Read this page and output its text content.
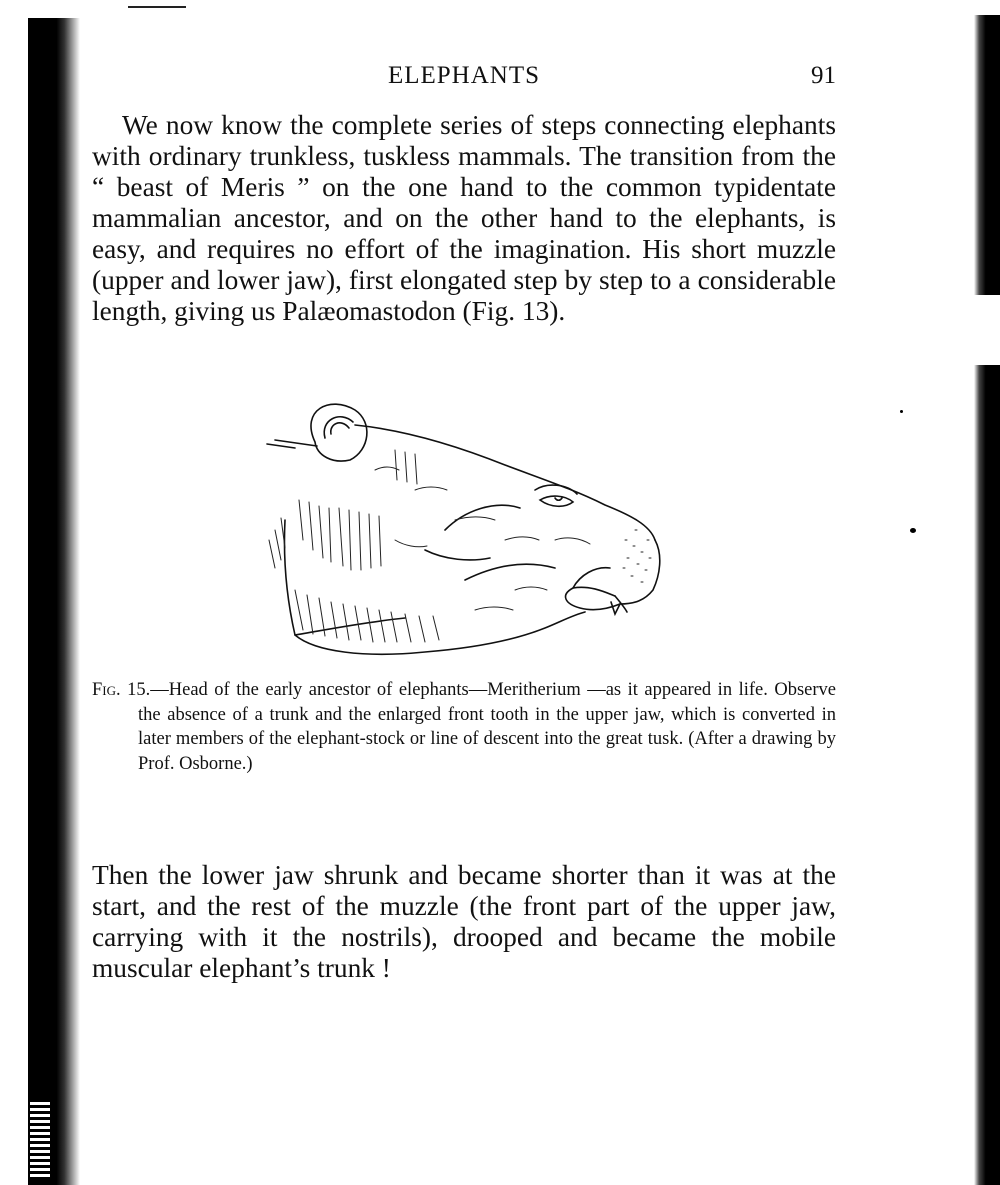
ELEPHANTS	91

We now know the complete series of steps connecting elephants with ordinary trunkless, tuskless mammals. The transition from the “ beast of Meris ” on the one hand to the common typidentate mammalian ancestor, and on the other hand to the elephants, is easy, and requires no effort of the imagination. His short muzzle (upper and lower jaw), first elongated step by step to a considerable length, giving us Palæomastodon (Fig. 13).

Fig. 15.—Head of the early ancestor of elephants—Meritherium —as it appeared in life. Observe the absence of a trunk and the enlarged front tooth in the upper jaw, which is converted in later members of the elephant-stock or line of descent into the great tusk. (After a drawing by Prof. Osborne.)

Then the lower jaw shrunk and became shorter than it was at the start, and the rest of the muzzle (the front part of the upper jaw, carrying with it the nostrils), drooped and became the mobile muscular elephant’s trunk !
